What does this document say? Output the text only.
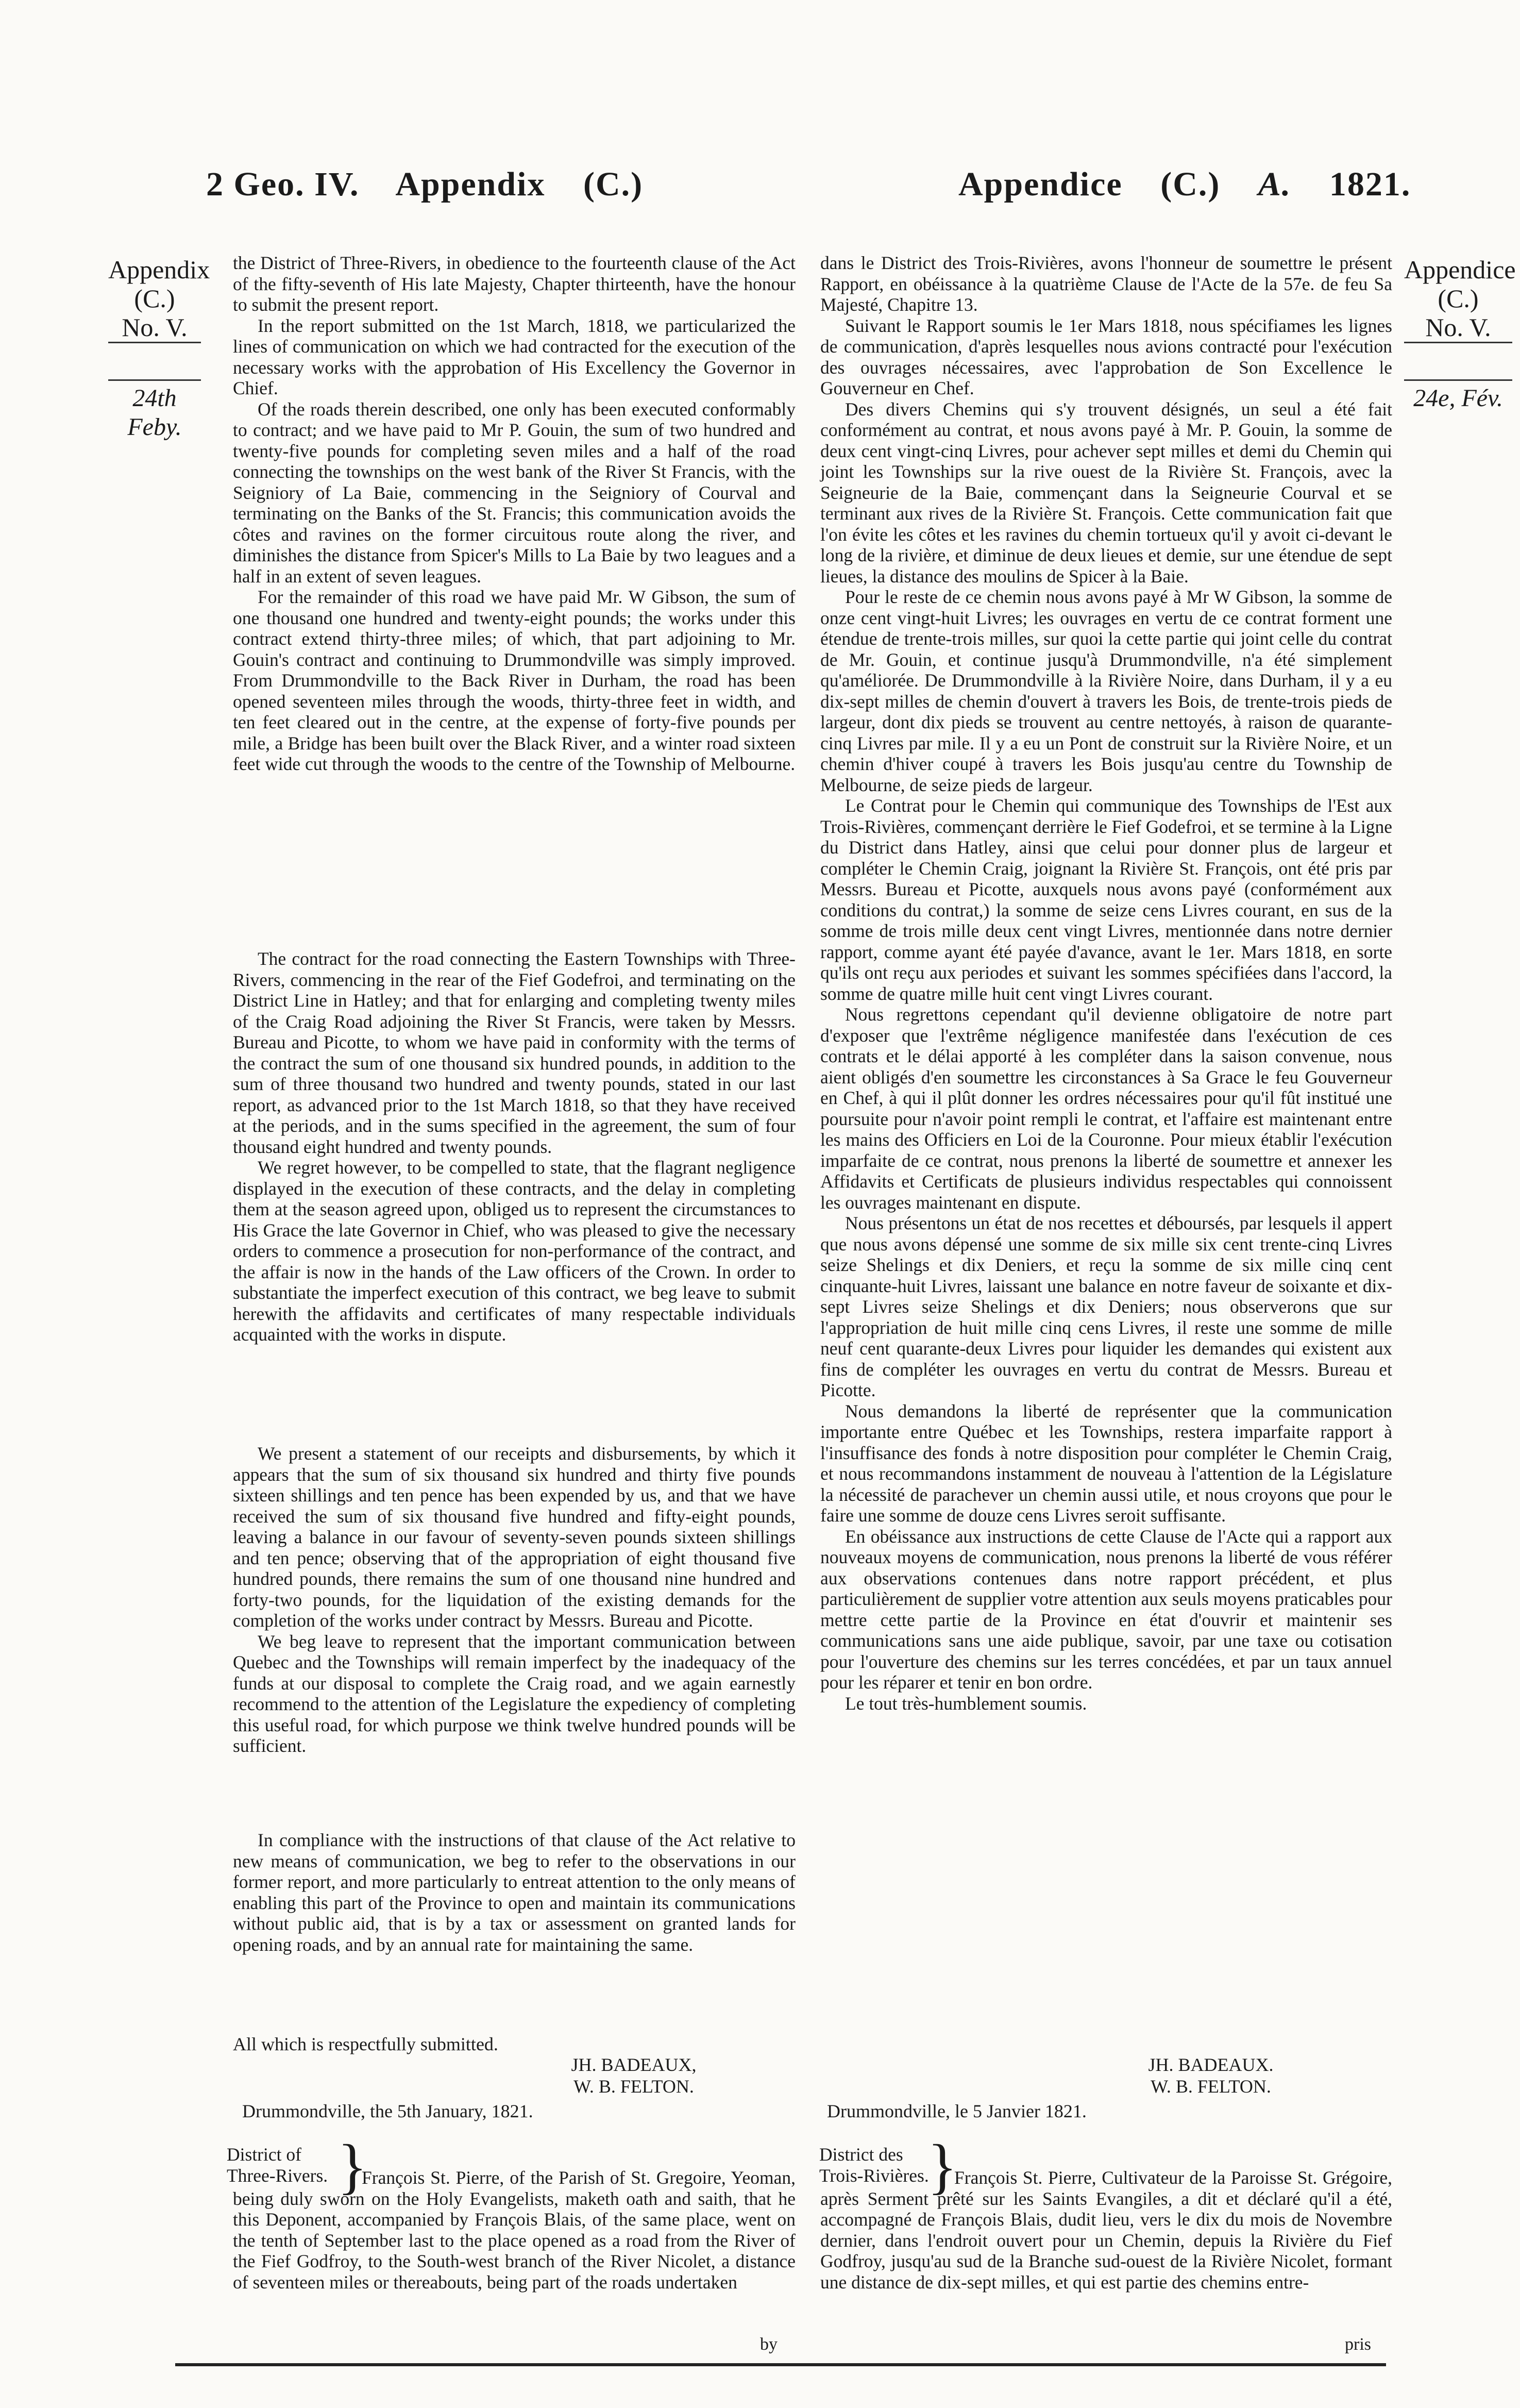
2 Geo. IV. Appendix (C.)	Appendice (C.) A. 1821.
Appendix
(C.)
No. V.
24th Feby.
Appendice
(C.)
No. V.
24e, Fév.

the District of Three-Rivers, in obedience to the fourteenth clause of the Act of the fifty-seventh of His late Majesty, Chapter thirteenth, have the honour to submit the present report.

In the report submitted on the 1st March, 1818, we particularized the lines of communication on which we had contracted for the execution of the necessary works with the approbation of His Excellency the Governor in Chief.

Of the roads therein described, one only has been executed conformably to contract; and we have paid to Mr P. Gouin, the sum of two hundred and twenty-five pounds for completing seven miles and a half of the road connecting the townships on the west bank of the River St Francis, with the Seigniory of La Baie, commencing in the Seigniory of Courval and terminating on the Banks of the St. Francis; this communication avoids the côtes and ravines on the former circuitous route along the river, and diminishes the distance from Spicer's Mills to La Baie by two leagues and a half in an extent of seven leagues.

For the remainder of this road we have paid Mr. W Gibson, the sum of one thousand one hundred and twenty-eight pounds; the works under this contract extend thirty-three miles; of which, that part adjoining to Mr. Gouin's contract and continuing to Drummondville was simply improved. From Drummondville to the Back River in Durham, the road has been opened seventeen miles through the woods, thirty-three feet in width, and ten feet cleared out in the centre, at the expense of forty-five pounds per mile, a Bridge has been built over the Black River, and a winter road sixteen feet wide cut through the woods to the centre of the Township of Melbourne.

The contract for the road connecting the Eastern Townships with Three-Rivers, commencing in the rear of the Fief Godefroi, and terminating on the District Line in Hatley; and that for enlarging and completing twenty miles of the Craig Road adjoining the River St Francis, were taken by Messrs. Bureau and Picotte, to whom we have paid in conformity with the terms of the contract the sum of one thousand six hundred pounds, in addition to the sum of three thousand two hundred and twenty pounds, stated in our last report, as advanced prior to the 1st March 1818, so that they have received at the periods, and in the sums specified in the agreement, the sum of four thousand eight hundred and twenty pounds.

We regret however, to be compelled to state, that the flagrant negligence displayed in the execution of these contracts, and the delay in completing them at the season agreed upon, obliged us to represent the circumstances to His Grace the late Governor in Chief, who was pleased to give the necessary orders to commence a prosecution for non-performance of the contract, and the affair is now in the hands of the Law officers of the Crown. In order to substantiate the imperfect execution of this contract, we beg leave to submit herewith the affidavits and certificates of many respectable individuals acquainted with the works in dispute.

We present a statement of our receipts and disbursements, by which it appears that the sum of six thousand six hundred and thirty five pounds sixteen shillings and ten pence has been expended by us, and that we have received the sum of six thousand five hundred and fifty-eight pounds, leaving a balance in our favour of seventy-seven pounds sixteen shillings and ten pence; observing that of the appropriation of eight thousand five hundred pounds, there remains the sum of one thousand nine hundred and forty-two pounds, for the liquidation of the existing demands for the completion of the works under contract by Messrs. Bureau and Picotte.

We beg leave to represent that the important communication between Quebec and the Townships will remain imperfect by the inadequacy of the funds at our disposal to complete the Craig road, and we again earnestly recommend to the attention of the Legislature the expediency of completing this useful road, for which purpose we think twelve hundred pounds will be sufficient.

In compliance with the instructions of that clause of the Act relative to new means of communication, we beg to refer to the observations in our former report, and more particularly to entreat attention to the only means of enabling this part of the Province to open and maintain its communications without public aid, that is by a tax or assessment on granted lands for opening roads, and by an annual rate for maintaining the same.

All which is respectfully submitted.
JH. BADEAUX,
W. B. FELTON.
Drummondville, the 5th January, 1821.
District of
Three-Rivers. }
François St. Pierre, of the Parish of St. Gregoire, Yeoman, being duly sworn on the Holy Evangelists, maketh oath and saith, that he this Deponent, accompanied by François Blais, of the same place, went on the tenth of September last to the place opened as a road from the River of the Fief Godfroy, to the South-west branch of the River Nicolet, a distance of seventeen miles or thereabouts, being part of the roads undertaken
by

dans le District des Trois-Rivières, avons l'honneur de soumettre le présent Rapport, en obéissance à la quatrième Clause de l'Acte de la 57e. de feu Sa Majesté, Chapitre 13.

Suivant le Rapport soumis le 1er Mars 1818, nous spécifiames les lignes de communication, d'après lesquelles nous avions contracté pour l'exécution des ouvrages nécessaires, avec l'approbation de Son Excellence le Gouverneur en Chef.

Des divers Chemins qui s'y trouvent désignés, un seul a été fait conformément au contrat, et nous avons payé à Mr. P. Gouin, la somme de deux cent vingt-cinq Livres, pour achever sept milles et demi du Chemin qui joint les Townships sur la rive ouest de la Rivière St. François, avec la Seigneurie de la Baie, commençant dans la Seigneurie Courval et se terminant aux rives de la Rivière St. François. Cette communication fait que l'on évite les côtes et les ravines du chemin tortueux qu'il y avoit ci-devant le long de la rivière, et diminue de deux lieues et demie, sur une étendue de sept lieues, la distance des moulins de Spicer à la Baie.

Pour le reste de ce chemin nous avons payé à Mr W Gibson, la somme de onze cent vingt-huit Livres; les ouvrages en vertu de ce contrat forment une étendue de trente-trois milles, sur quoi la cette partie qui joint celle du contrat de Mr. Gouin, et continue jusqu'à Drummondville, n'a été simplement qu'améliorée. De Drummondville à la Rivière Noire, dans Durham, il y a eu dix-sept milles de chemin d'ouvert à travers les Bois, de trente-trois pieds de largeur, dont dix pieds se trouvent au centre nettoyés, à raison de quarante-cinq Livres par mile. Il y a eu un Pont de construit sur la Rivière Noire, et un chemin d'hiver coupé à travers les Bois jusqu'au centre du Township de Melbourne, de seize pieds de largeur.

Le Contrat pour le Chemin qui communique des Townships de l'Est aux Trois-Rivières, commençant derrière le Fief Godefroi, et se termine à la Ligne du District dans Hatley, ainsi que celui pour donner plus de largeur et compléter le Chemin Craig, joignant la Rivière St. François, ont été pris par Messrs. Bureau et Picotte, auxquels nous avons payé (conformément aux conditions du contrat,) la somme de seize cens Livres courant, en sus de la somme de trois mille deux cent vingt Livres, mentionnée dans notre dernier rapport, comme ayant été payée d'avance, avant le 1er. Mars 1818, en sorte qu'ils ont reçu aux periodes et suivant les sommes spécifiées dans l'accord, la somme de quatre mille huit cent vingt Livres courant.

Nous regrettons cependant qu'il devienne obligatoire de notre part d'exposer que l'extrême négligence manifestée dans l'exécution de ces contrats et le délai apporté à les compléter dans la saison convenue, nous aient obligés d'en soumettre les circonstances à Sa Grace le feu Gouverneur en Chef, à qui il plût donner les ordres nécessaires pour qu'il fût institué une poursuite pour n'avoir point rempli le contrat, et l'affaire est maintenant entre les mains des Officiers en Loi de la Couronne. Pour mieux établir l'exécution imparfaite de ce contrat, nous prenons la liberté de soumettre et annexer les Affidavits et Certificats de plusieurs individus respectables qui connoissent les ouvrages maintenant en dispute.

Nous présentons un état de nos recettes et déboursés, par lesquels il appert que nous avons dépensé une somme de six mille six cent trente-cinq Livres seize Shelings et dix Deniers, et reçu la somme de six mille cinq cent cinquante-huit Livres, laissant une balance en notre faveur de soixante et dix-sept Livres seize Shelings et dix Deniers; nous observerons que sur l'appropriation de huit mille cinq cens Livres, il reste une somme de mille neuf cent quarante-deux Livres pour liquider les demandes qui existent aux fins de compléter les ouvrages en vertu du contrat de Messrs. Bureau et Picotte.

Nous demandons la liberté de représenter que la communication importante entre Québec et les Townships, restera imparfaite rapport à l'insuffisance des fonds à notre disposition pour compléter le Chemin Craig, et nous recommandons instamment de nouveau à l'attention de la Législature la nécessité de parachever un chemin aussi utile, et nous croyons que pour le faire une somme de douze cens Livres seroit suffisante.

En obéissance aux instructions de cette Clause de l'Acte qui a rapport aux nouveaux moyens de communication, nous prenons la liberté de vous référer aux observations contenues dans notre rapport précédent, et plus particulièrement de supplier votre attention aux seuls moyens praticables pour mettre cette partie de la Province en état d'ouvrir et maintenir ses communications sans une aide publique, savoir, par une taxe ou cotisation pour l'ouverture des chemins sur les terres concédées, et par un taux annuel pour les réparer et tenir en bon ordre.

Le tout très-humblement soumis.

JH. BADEAUX.
W. B. FELTON.
Drummondville, le 5 Janvier 1821.
District des
Trois-Rivières.
}
François St. Pierre, Cultivateur de la Paroisse St. Grégoire, après Serment prêté sur les Saints Evangiles, a dit et déclaré qu'il a été, accompagné de François Blais, dudit lieu, vers le dix du mois de Novembre dernier, dans l'endroit ouvert pour un Chemin, depuis la Rivière du Fief Godfroy, jusqu'au sud de la Branche sud-ouest de la Rivière Nicolet, formant une distance de dix-sept milles, et qui est partie des chemins entre-
pris
